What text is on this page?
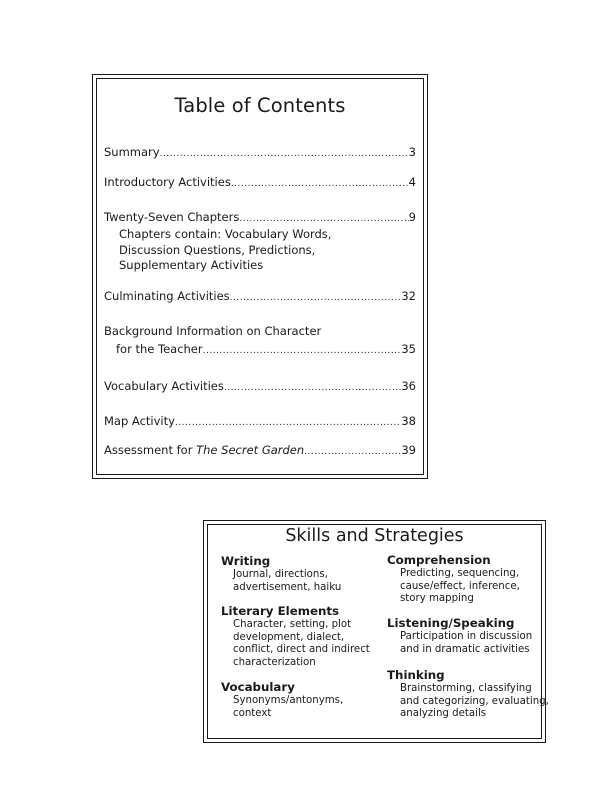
Table of Contents
Summary .....	3
Introductory Activities .....	4
Twenty-Seven Chapters .....	9
Chapters contain: Vocabulary Words,
Discussion Questions, Predictions,
Supplementary Activities
Culminating Activities .....	32
Background Information on Character
for the Teacher .....	35
Vocabulary Activities .....	36
Map Activity .....	38
Assessment for The Secret Garden .....	39
Skills and Strategies
Writing
Journal, directions,
advertisement, haiku
Literary Elements
Character, setting, plot
development, dialect,
conflict, direct and indirect
characterization
Vocabulary
Synonyms/antonyms,
context
Comprehension
Predicting, sequencing,
cause/effect, inference,
story mapping
Listening/Speaking
Participation in discussion
and in dramatic activities
Thinking
Brainstorming, classifying
and categorizing, evaluating,
analyzing details
